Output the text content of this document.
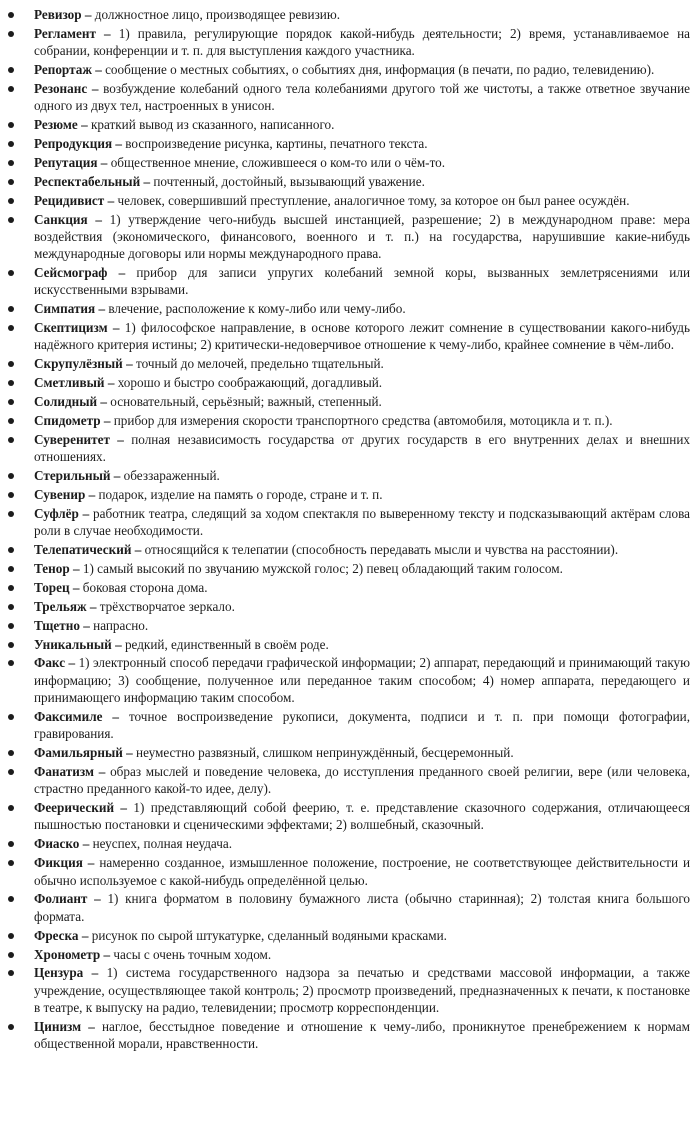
Ревизор – должностное лицо, производящее ревизию.
Регламент – 1) правила, регулирующие порядок какой-нибудь деятельности; 2) время, устанавливаемое на собрании, конференции и т. п. для выступления каждого участника.
Репортаж – сообщение о местных событиях, о событиях дня, информация (в печати, по радио, телевидению).
Резонанс – возбуждение колебаний одного тела колебаниями другого той же чистоты, а также ответное звучание одного из двух тел, настроенных в унисон.
Резюме – краткий вывод из сказанного, написанного.
Репродукция – воспроизведение рисунка, картины, печатного текста.
Репутация – общественное мнение, сложившееся о ком-то или о чём-то.
Респектабельный – почтенный, достойный, вызывающий уважение.
Рецидивист – человек, совершивший преступление, аналогичное тому, за которое он был ранее осуждён.
Санкция – 1) утверждение чего-нибудь высшей инстанцией, разрешение; 2) в международном праве: мера воздействия (экономического, финансового, военного и т. п.) на государства, нарушившие какие-нибудь международные договоры или нормы международного права.
Сейсмограф – прибор для записи упругих колебаний земной коры, вызванных землетрясениями или искусственными взрывами.
Симпатия – влечение, расположение к кому-либо или чему-либо.
Скептицизм – 1) философское направление, в основе которого лежит сомнение в существовании какого-нибудь надёжного критерия истины; 2) критически-недоверчивое отношение к чему-либо, крайнее сомнение в чём-либо.
Скрупулёзный – точный до мелочей, предельно тщательный.
Сметливый – хорошо и быстро соображающий, догадливый.
Солидный – основательный, серьёзный; важный, степенный.
Спидометр – прибор для измерения скорости транспортного средства (автомобиля, мотоцикла и т. п.).
Суверенитет – полная независимость государства от других государств в его внутренних делах и внешних отношениях.
Стерильный – обеззараженный.
Сувенир – подарок, изделие на память о городе, стране и т. п.
Суфлёр – работник театра, следящий за ходом спектакля по выверенному тексту и подсказывающий актёрам слова роли в случае необходимости.
Телепатический – относящийся к телепатии (способность передавать мысли и чувства на расстоянии).
Тенор – 1) самый высокий по звучанию мужской голос; 2) певец обладающий таким голосом.
Торец – боковая сторона дома.
Трельяж – трёхстворчатое зеркало.
Тщетно – напрасно.
Уникальный – редкий, единственный в своём роде.
Факс – 1) электронный способ передачи графической информации; 2) аппарат, передающий и принимающий такую информацию; 3) сообщение, полученное или переданное таким способом; 4) номер аппарата, передающего и принимающего информацию таким способом.
Факсимиле – точное воспроизведение рукописи, документа, подписи и т. п. при помощи фотографии, гравирования.
Фамильярный – неуместно развязный, слишком непринуждённый, бесцеремонный.
Фанатизм – образ мыслей и поведение человека, до исступления преданного своей религии, вере (или человека, страстно преданного какой-то идее, делу).
Феерический – 1) представляющий собой феерию, т. е. представление сказочного содержания, отличающееся пышностью постановки и сценическими эффектами; 2) волшебный, сказочный.
Фиаско – неуспех, полная неудача.
Фикция – намеренно созданное, измышленное положение, построение, не соответствующее действительности и обычно используемое с какой-нибудь определённой целью.
Фолиант – 1) книга форматом в половину бумажного листа (обычно старинная); 2) толстая книга большого формата.
Фреска – рисунок по сырой штукатурке, сделанный водяными красками.
Хронометр – часы с очень точным ходом.
Цензура – 1) система государственного надзора за печатью и средствами массовой информации, а также учреждение, осуществляющее такой контроль; 2) просмотр произведений, предназначенных к печати, к постановке в театре, к выпуску на радио, телевидении; просмотр корреспонденции.
Цинизм – наглое, бесстыдное поведение и отношение к чему-либо, проникнутое пренебрежением к нормам общественной морали, нравственности.
